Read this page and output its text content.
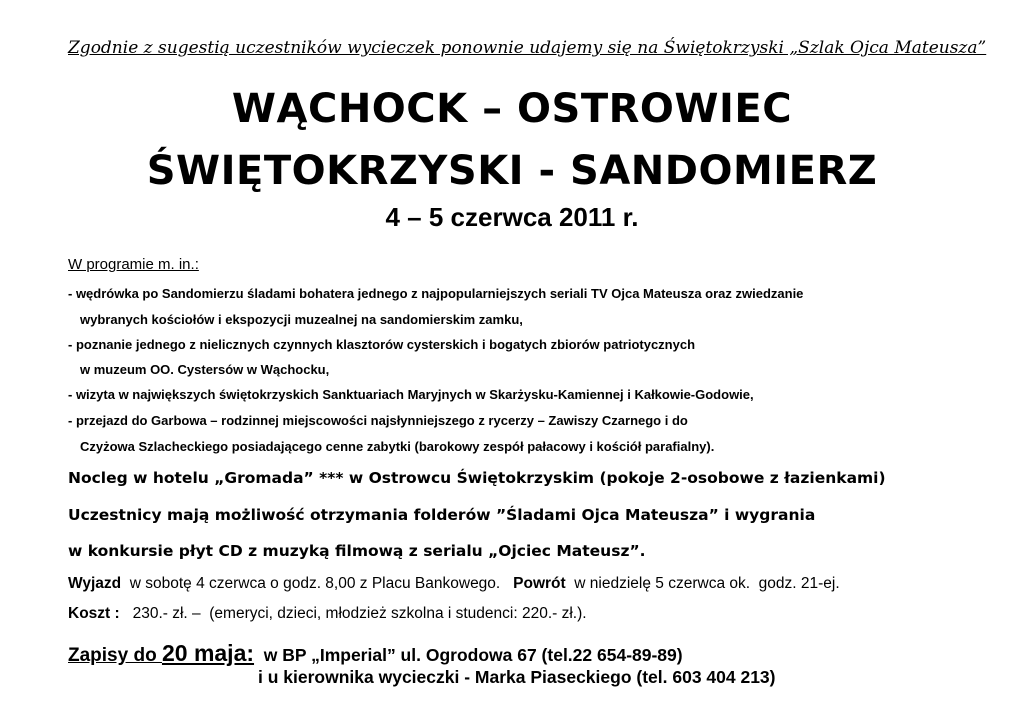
Zgodnie z sugestią uczestników wycieczek ponownie udajemy się na Świętokrzyski „Szlak Ojca Mateusza”
WĄCHOCK – OSTROWIEC
ŚWIĘTOKRZYSKI - SANDOMIERZ
4 – 5 czerwca 2011 r.
W programie m. in.:
- wędrówka po Sandomierzu śladami bohatera jednego z najpopularniejszych seriali TV Ojca Mateusza oraz zwiedzanie
wybranych kościołów i ekspozycji muzealnej na sandomierskim zamku,
- poznanie jednego z nielicznych czynnych klasztorów cysterskich i bogatych zbiorów patriotycznych
w muzeum OO. Cystersów w Wąchocku,
- wizyta w największych świętokrzyskich Sanktuariach Maryjnych w Skarżysku-Kamiennej i Kałkowie-Godowie,
- przejazd do Garbowa – rodzinnej miejscowości najsłynniejszego z rycerzy – Zawiszy Czarnego i do
Czyżowa Szlacheckiego posiadającego cenne zabytki (barokowy zespół pałacowy i kościół parafialny).
Nocleg w hotelu „Gromada” *** w Ostrowcu Świętokrzyskim (pokoje 2-osobowe z łazienkami)
Uczestnicy mają możliwość otrzymania folderów ”Śladami Ojca Mateusza” i wygrania
w konkursie płyt CD z muzyką filmową z serialu „Ojciec Mateusz”.
Wyjazd  w sobotę 4 czerwca o godz. 8,00 z Placu Bankowego.   Powrót  w niedzielę 5 czerwca ok.  godz. 21-ej.
Koszt :   230.- zł. –  (emeryci, dzieci, młodzież szkolna i studenci: 220.- zł.).
Zapisy do 20 maja:  w BP „Imperial” ul. Ogrodowa 67 (tel.22 654-89-89)
i u kierownika wycieczki - Marka Piaseckiego (tel. 603 404 213)
